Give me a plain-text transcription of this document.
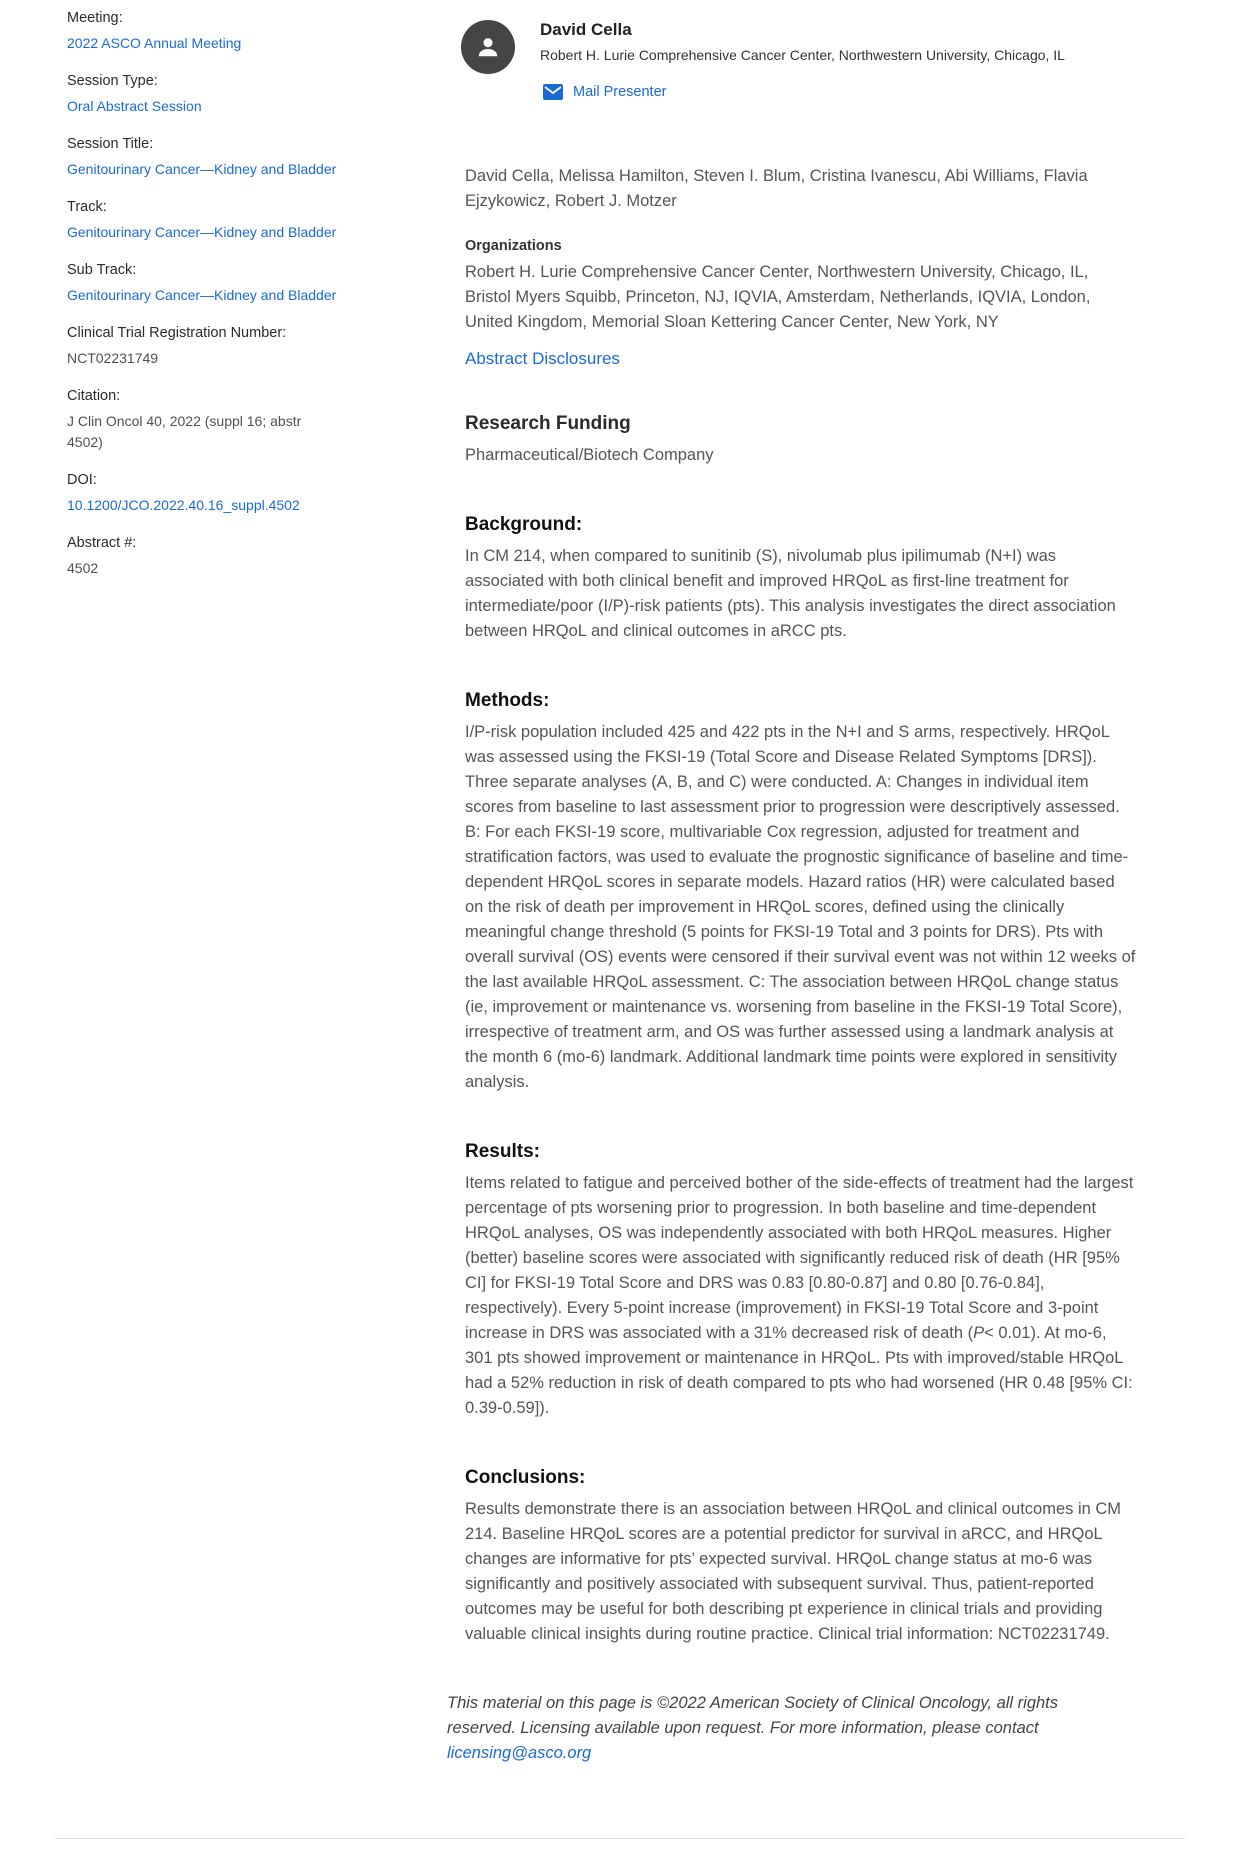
Meeting:
2022 ASCO Annual Meeting
Session Type:
Oral Abstract Session
Session Title:
Genitourinary Cancer—Kidney and Bladder
Track:
Genitourinary Cancer—Kidney and Bladder
Sub Track:
Genitourinary Cancer—Kidney and Bladder
Clinical Trial Registration Number:
NCT02231749
Citation:
J Clin Oncol 40, 2022 (suppl 16; abstr 4502)
DOI:
10.1200/JCO.2022.40.16_suppl.4502
Abstract #:
4502
David Cella
Robert H. Lurie Comprehensive Cancer Center, Northwestern University, Chicago, IL
Mail Presenter
David Cella, Melissa Hamilton, Steven I. Blum, Cristina Ivanescu, Abi Williams, Flavia Ejzykowicz, Robert J. Motzer
Organizations
Robert H. Lurie Comprehensive Cancer Center, Northwestern University, Chicago, IL, Bristol Myers Squibb, Princeton, NJ, IQVIA, Amsterdam, Netherlands, IQVIA, London, United Kingdom, Memorial Sloan Kettering Cancer Center, New York, NY
Abstract Disclosures
Research Funding
Pharmaceutical/Biotech Company
Background:
In CM 214, when compared to sunitinib (S), nivolumab plus ipilimumab (N+I) was associated with both clinical benefit and improved HRQoL as first-line treatment for intermediate/poor (I/P)-risk patients (pts). This analysis investigates the direct association between HRQoL and clinical outcomes in aRCC pts.
Methods:
I/P-risk population included 425 and 422 pts in the N+I and S arms, respectively. HRQoL was assessed using the FKSI-19 (Total Score and Disease Related Symptoms [DRS]). Three separate analyses (A, B, and C) were conducted. A: Changes in individual item scores from baseline to last assessment prior to progression were descriptively assessed. B: For each FKSI-19 score, multivariable Cox regression, adjusted for treatment and stratification factors, was used to evaluate the prognostic significance of baseline and time-dependent HRQoL scores in separate models. Hazard ratios (HR) were calculated based on the risk of death per improvement in HRQoL scores, defined using the clinically meaningful change threshold (5 points for FKSI-19 Total and 3 points for DRS). Pts with overall survival (OS) events were censored if their survival event was not within 12 weeks of the last available HRQoL assessment. C: The association between HRQoL change status (ie, improvement or maintenance vs. worsening from baseline in the FKSI-19 Total Score), irrespective of treatment arm, and OS was further assessed using a landmark analysis at the month 6 (mo-6) landmark. Additional landmark time points were explored in sensitivity analysis.
Results:
Items related to fatigue and perceived bother of the side-effects of treatment had the largest percentage of pts worsening prior to progression. In both baseline and time-dependent HRQoL analyses, OS was independently associated with both HRQoL measures. Higher (better) baseline scores were associated with significantly reduced risk of death (HR [95% CI] for FKSI-19 Total Score and DRS was 0.83 [0.80-0.87] and 0.80 [0.76-0.84], respectively). Every 5-point increase (improvement) in FKSI-19 Total Score and 3-point increase in DRS was associated with a 31% decreased risk of death (P< 0.01). At mo-6, 301 pts showed improvement or maintenance in HRQoL. Pts with improved/stable HRQoL had a 52% reduction in risk of death compared to pts who had worsened (HR 0.48 [95% CI: 0.39-0.59]).
Conclusions:
Results demonstrate there is an association between HRQoL and clinical outcomes in CM 214. Baseline HRQoL scores are a potential predictor for survival in aRCC, and HRQoL changes are informative for pts’ expected survival. HRQoL change status at mo-6 was significantly and positively associated with subsequent survival. Thus, patient-reported outcomes may be useful for both describing pt experience in clinical trials and providing valuable clinical insights during routine practice. Clinical trial information: NCT02231749.
This material on this page is ©2022 American Society of Clinical Oncology, all rights reserved. Licensing available upon request. For more information, please contact licensing@asco.org
